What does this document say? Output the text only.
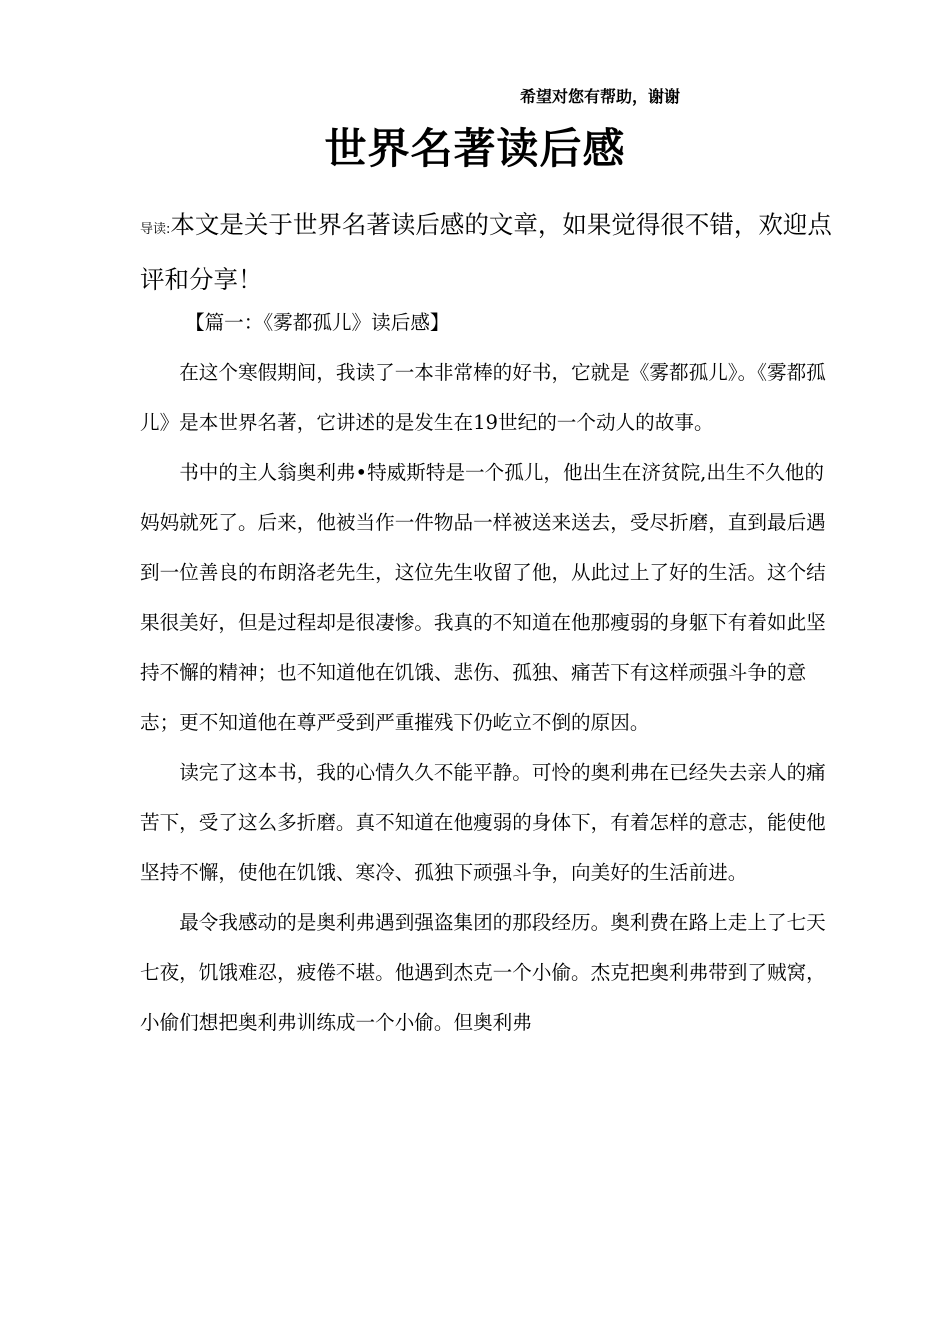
希望对您有帮助，谢谢
世界名著读后感
导读:本文是关于世界名著读后感的文章，如果觉得很不错，欢迎点评和分享！

【篇一：《雾都孤儿》读后感】

在这个寒假期间，我读了一本非常棒的好书，它就是《雾都孤儿》。《雾都孤儿》是本世界名著，它讲述的是发生在19世纪的一个动人的故事。

书中的主人翁奥利弗•特威斯特是一个孤儿，他出生在济贫院,出生不久他的妈妈就死了。后来，他被当作一件物品一样被送来送去，受尽折磨，直到最后遇到一位善良的布朗洛老先生，这位先生收留了他，从此过上了好的生活。这个结果很美好，但是过程却是很凄惨。我真的不知道在他那瘦弱的身躯下有着如此坚持不懈的精神；也不知道他在饥饿、悲伤、孤独、痛苦下有这样顽强斗争的意志；更不知道他在尊严受到严重摧残下仍屹立不倒的原因。

读完了这本书，我的心情久久不能平静。可怜的奥利弗在已经失去亲人的痛苦下，受了这么多折磨。真不知道在他瘦弱的身体下，有着怎样的意志，能使他坚持不懈，使他在饥饿、寒冷、孤独下顽强斗争，向美好的生活前进。

最令我感动的是奥利弗遇到强盗集团的那段经历。奥利费在路上走上了七天七夜，饥饿难忍，疲倦不堪。他遇到杰克一个小偷。杰克把奥利弗带到了贼窝，小偷们想把奥利弗训练成一个小偷。但奥利弗
